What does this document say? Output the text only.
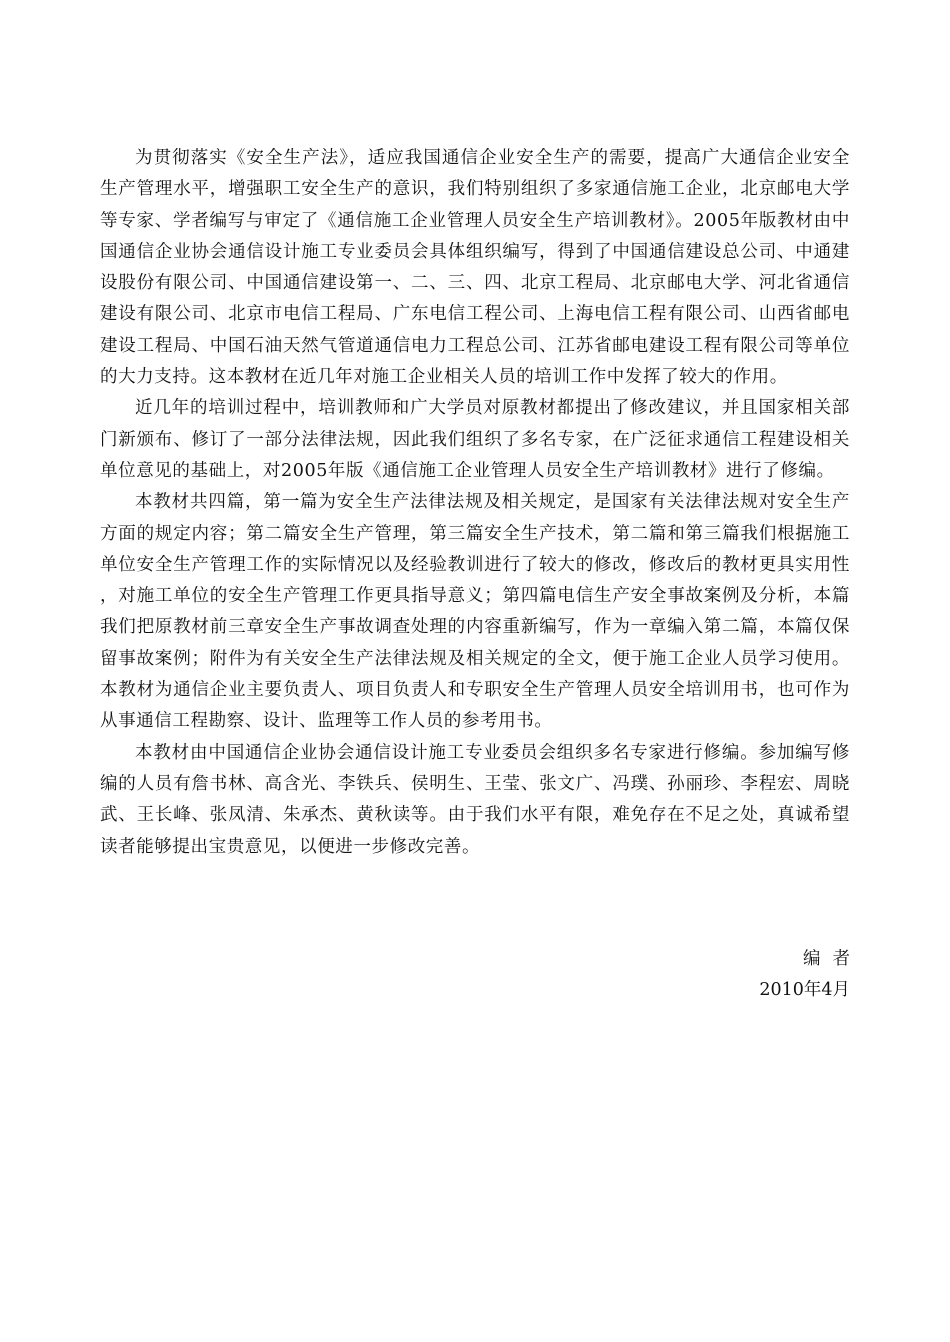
为贯彻落实《安全生产法》，适应我国通信企业安全生产的需要，提高广大通信企业安全生产管理水平，增强职工安全生产的意识，我们特别组织了多家通信施工企业，北京邮电大学等专家、学者编写与审定了《通信施工企业管理人员安全生产培训教材》。2005年版教材由中国通信企业协会通信设计施工专业委员会具体组织编写，得到了中国通信建设总公司、中通建设股份有限公司、中国通信建设第一、二、三、四、北京工程局、北京邮电大学、河北省通信建设有限公司、北京市电信工程局、广东电信工程公司、上海电信工程有限公司、山西省邮电建设工程局、中国石油天然气管道通信电力工程总公司、江苏省邮电建设工程有限公司等单位的大力支持。这本教材在近几年对施工企业相关人员的培训工作中发挥了较大的作用。

近几年的培训过程中，培训教师和广大学员对原教材都提出了修改建议，并且国家相关部门新颁布、修订了一部分法律法规，因此我们组织了多名专家，在广泛征求通信工程建设相关单位意见的基础上，对2005年版《通信施工企业管理人员安全生产培训教材》进行了修编。

本教材共四篇，第一篇为安全生产法律法规及相关规定，是国家有关法律法规对安全生产方面的规定内容；第二篇安全生产管理，第三篇安全生产技术，第二篇和第三篇我们根据施工单位安全生产管理工作的实际情况以及经验教训进行了较大的修改，修改后的教材更具实用性，对施工单位的安全生产管理工作更具指导意义；第四篇电信生产安全事故案例及分析，本篇我们把原教材前三章安全生产事故调查处理的内容重新编写，作为一章编入第二篇，本篇仅保留事故案例；附件为有关安全生产法律法规及相关规定的全文，便于施工企业人员学习使用。本教材为通信企业主要负责人、项目负责人和专职安全生产管理人员安全培训用书，也可作为从事通信工程勘察、设计、监理等工作人员的参考用书。

本教材由中国通信企业协会通信设计施工专业委员会组织多名专家进行修编。参加编写修编的人员有詹书林、高含光、李铁兵、侯明生、王莹、张文广、冯璞、孙丽珍、李程宏、周晓武、王长峰、张凤清、朱承杰、黄秋读等。由于我们水平有限，难免存在不足之处，真诚希望读者能够提出宝贵意见，以便进一步修改完善。

编者
2010年4月
